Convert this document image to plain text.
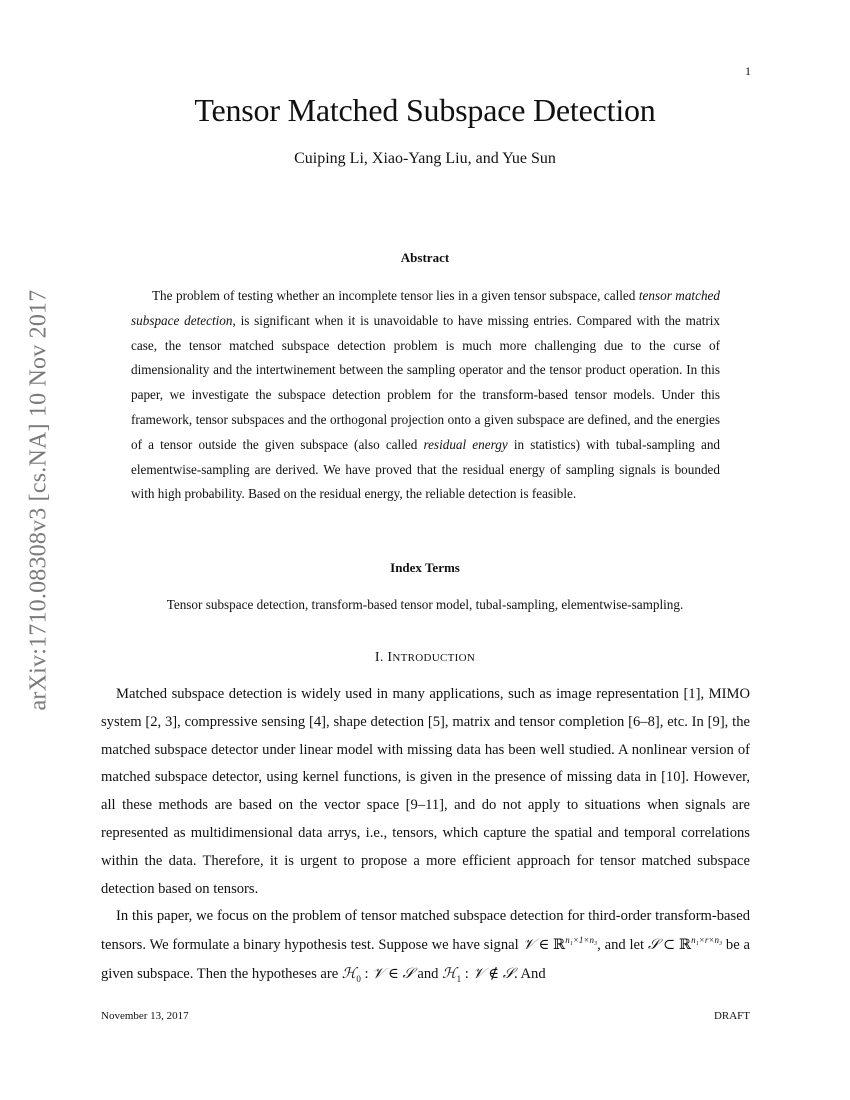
1
Tensor Matched Subspace Detection
Cuiping Li, Xiao-Yang Liu, and Yue Sun
arXiv:1710.08308v3 [cs.NA] 10 Nov 2017
Abstract
The problem of testing whether an incomplete tensor lies in a given tensor subspace, called tensor matched subspace detection, is significant when it is unavoidable to have missing entries. Compared with the matrix case, the tensor matched subspace detection problem is much more challenging due to the curse of dimensionality and the intertwinement between the sampling operator and the tensor product operation. In this paper, we investigate the subspace detection problem for the transform-based tensor models. Under this framework, tensor subspaces and the orthogonal projection onto a given subspace are defined, and the energies of a tensor outside the given subspace (also called residual energy in statistics) with tubal-sampling and elementwise-sampling are derived. We have proved that the residual energy of sampling signals is bounded with high probability. Based on the residual energy, the reliable detection is feasible.
Index Terms
Tensor subspace detection, transform-based tensor model, tubal-sampling, elementwise-sampling.
I. INTRODUCTION

Matched subspace detection is widely used in many applications, such as image representation [1], MIMO system [2, 3], compressive sensing [4], shape detection [5], matrix and tensor completion [6–8], etc. In [9], the matched subspace detector under linear model with missing data has been well studied. A nonlinear version of matched subspace detector, using kernel functions, is given in the presence of missing data in [10]. However, all these methods are based on the vector space [9–11], and do not apply to situations when signals are represented as multidimensional data arrys, i.e., tensors, which capture the spatial and temporal correlations within the data. Therefore, it is urgent to propose a more efficient approach for tensor matched subspace detection based on tensors.

In this paper, we focus on the problem of tensor matched subspace detection for third-order transform-based tensors. We formulate a binary hypothesis test. Suppose we have signal 𝒱 ∈ ℝ$^{n_1\times 1\times n_3}$, and let 𝒮 ⊂ ℝ$^{n_1\times r\times n_3}$ be a given subspace. Then the hypotheses are ℋ$_0$ : 𝒱 ∈ 𝒮 and ℋ$_1$ : 𝒱 ∉ 𝒮. And

November 13, 2017	DRAFT
